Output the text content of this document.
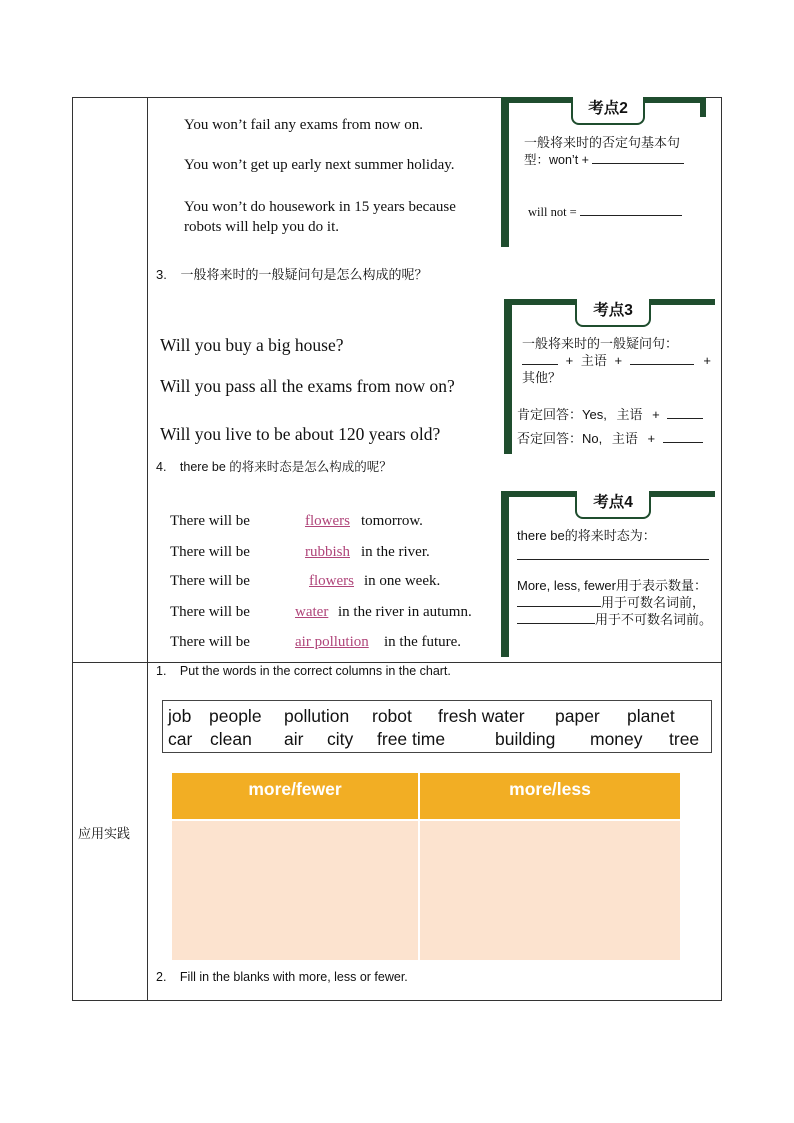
应用实践
You won’t fail any exams from now on.
You won’t get up early next summer holiday.
You won’t do housework in 15 years because
robots will help you do it.
考点2
一般将来时的否定句基本句
型：won’t +
will not =
3. 一般将来时的一般疑问句是怎么构成的呢？
Will you buy a big house?
Will you pass all the exams from now on?
Will you live to be about 120 years old?
考点3
一般将来时的一般疑问句：
+ 主语 +	+
其他？
肯定回答：Yes, 主语 +
否定回答：No, 主语 +
4. there be 的将来时态是怎么构成的呢？
There will be	flowers tomorrow.
There will be	rubbish in the river.
There will be	flowers in one week.
There will be	water in the river in autumn.
There will be	air pollution in the future.
考点4
there be的将来时态为：
More, less, fewer用于表示数量：
用于可数名词前，
用于不可数名词前。
1. Put the words in the correct columns in the chart.
job people pollution robot fresh water paper planet
car clean air city free time	building money tree
more/fewer	more/less
2. Fill in the blanks with more, less or fewer.
